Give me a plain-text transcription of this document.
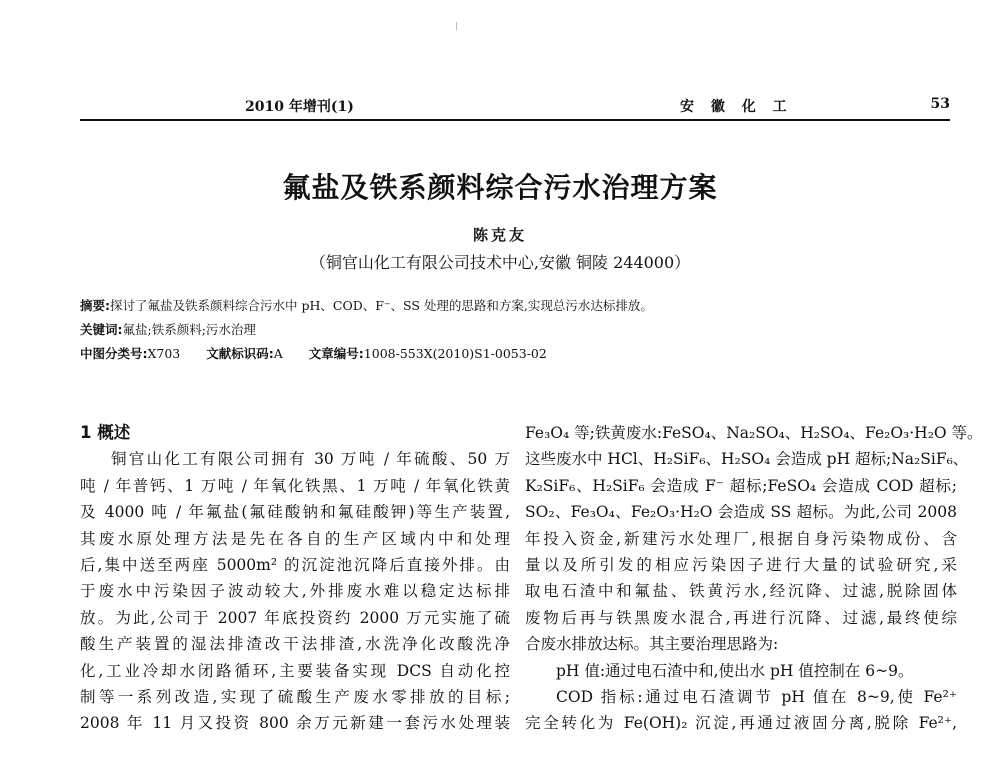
2010 年增刊(1)	安 徽 化 工	53
氟盐及铁系颜料综合污水治理方案
陈克友
（铜官山化工有限公司技术中心,安徽 铜陵 244000）
摘要:探讨了氟盐及铁系颜料综合污水中 pH、COD、F⁻、SS 处理的思路和方案,实现总污水达标排放。
关键词:氟盐;铁系颜料;污水治理
中图分类号:X703 文献标识码:A 文章编号:1008-553X(2010)S1-0053-02
1 概述
铜官山化工有限公司拥有 30 万吨 / 年硫酸、50 万
吨 / 年普钙、1 万吨 / 年氧化铁黑、1 万吨 / 年氧化铁黄
及 4000 吨 / 年氟盐(氟硅酸钠和氟硅酸钾)等生产装置,
其废水原处理方法是先在各自的生产区域内中和处理
后,集中送至两座 5000m² 的沉淀池沉降后直接外排。由
于废水中污染因子波动较大,外排废水难以稳定达标排
放。为此,公司于 2007 年底投资约 2000 万元实施了硫
酸生产装置的湿法排渣改干法排渣,水洗净化改酸洗净
化,工业冷却水闭路循环,主要装备实现 DCS 自动化控
制等一系列改造,实现了硫酸生产废水零排放的目标;
2008 年 11 月又投资 800 余万元新建一套污水处理装
Fe₃O₄ 等;铁黄废水:FeSO₄、Na₂SO₄、H₂SO₄、Fe₂O₃·H₂O 等。
这些废水中 HCl、H₂SiF₆、H₂SO₄ 会造成 pH 超标;Na₂SiF₆、
K₂SiF₆、H₂SiF₆ 会造成 F⁻ 超标;FeSO₄ 会造成 COD 超标;
SO₂、Fe₃O₄、Fe₂O₃·H₂O 会造成 SS 超标。为此,公司 2008
年投入资金,新建污水处理厂,根据自身污染物成份、含
量以及所引发的相应污染因子进行大量的试验研究,采
取电石渣中和氟盐、铁黄污水,经沉降、过滤,脱除固体
废物后再与铁黑废水混合,再进行沉降、过滤,最终使综
合废水排放达标。其主要治理思路为:
pH 值:通过电石渣中和,使出水 pH 值控制在 6~9。
COD 指标:通过电石渣调节 pH 值在 8~9,使 Fe²⁺
完全转化为 Fe(OH)₂ 沉淀,再通过液固分离,脱除 Fe²⁺,
